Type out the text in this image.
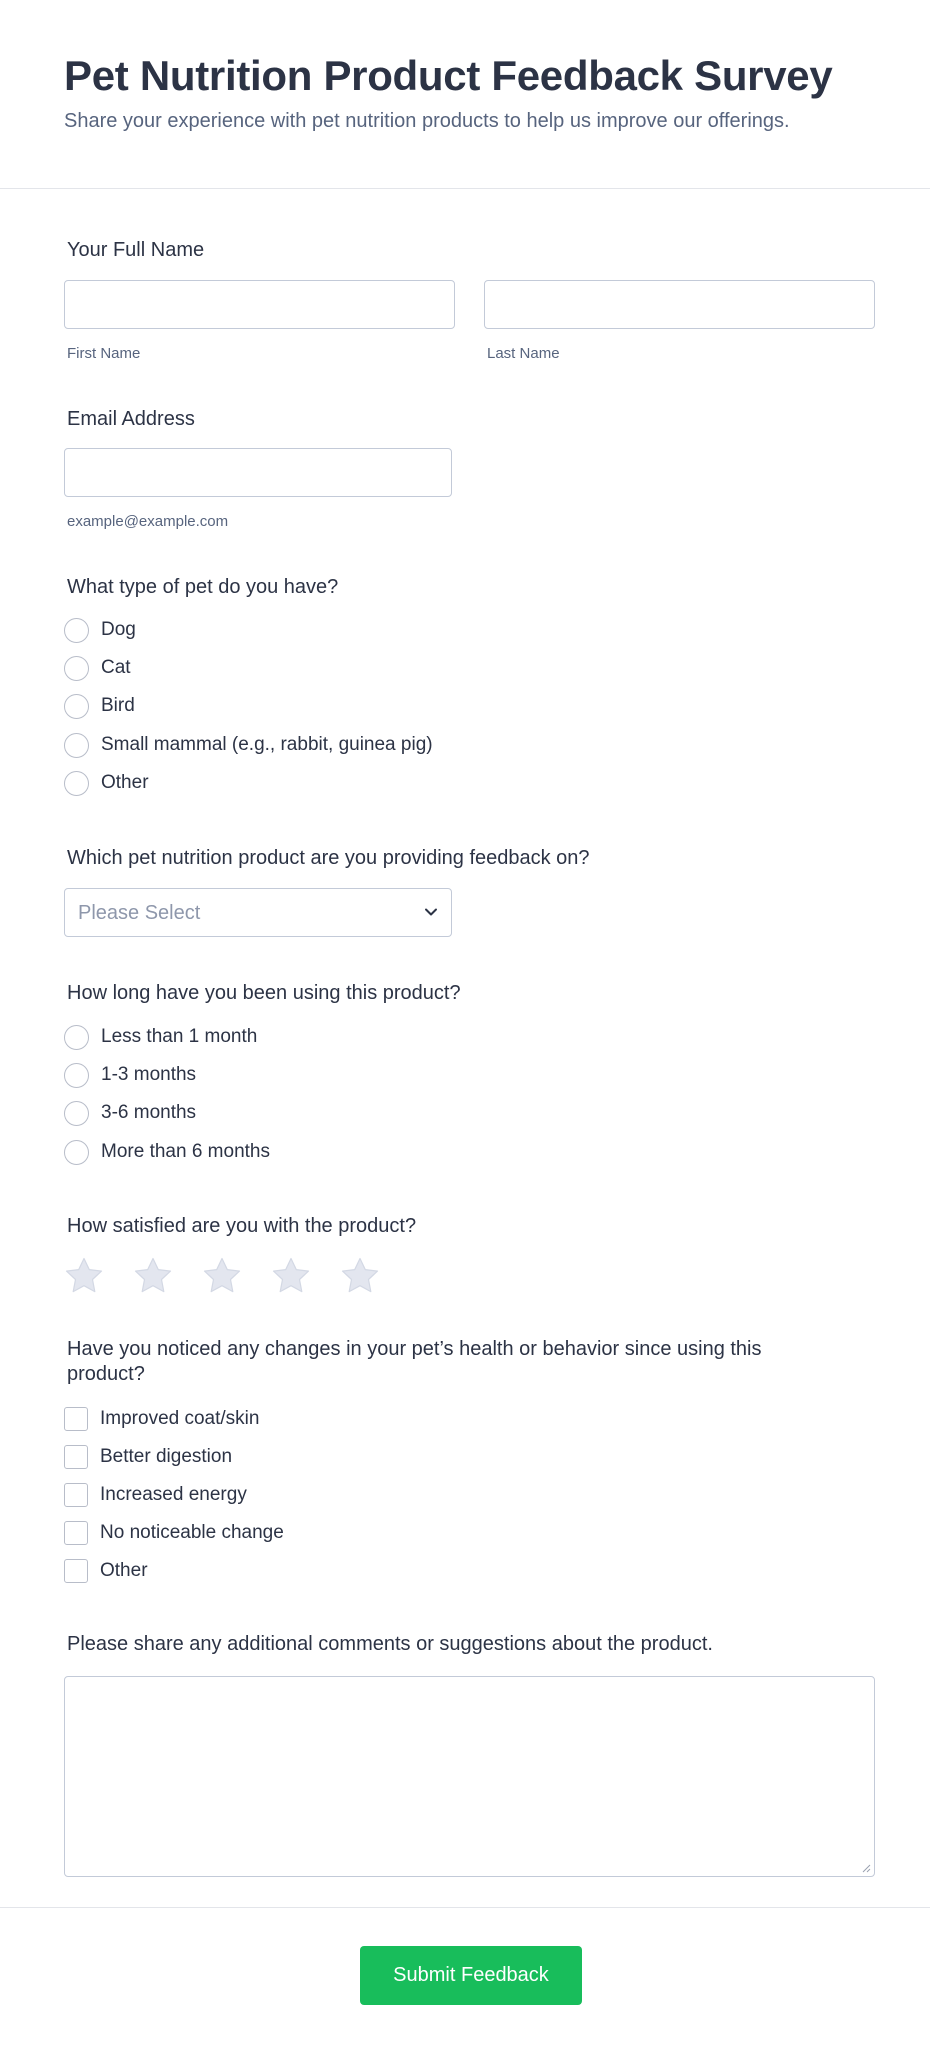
Pet Nutrition Product Feedback Survey
Share your experience with pet nutrition products to help us improve our offerings.
Your Full Name
First Name	Last Name
Email Address
example@example.com
What type of pet do you have?
Dog
Cat
Bird
Small mammal (e.g., rabbit, guinea pig)
Other
Which pet nutrition product are you providing feedback on?
Please Select
How long have you been using this product?
Less than 1 month
1-3 months
3-6 months
More than 6 months
How satisfied are you with the product?
Have you noticed any changes in your pet’s health or behavior since using this
product?
Improved coat/skin
Better digestion
Increased energy
No noticeable change
Other
Please share any additional comments or suggestions about the product.
Submit Feedback
